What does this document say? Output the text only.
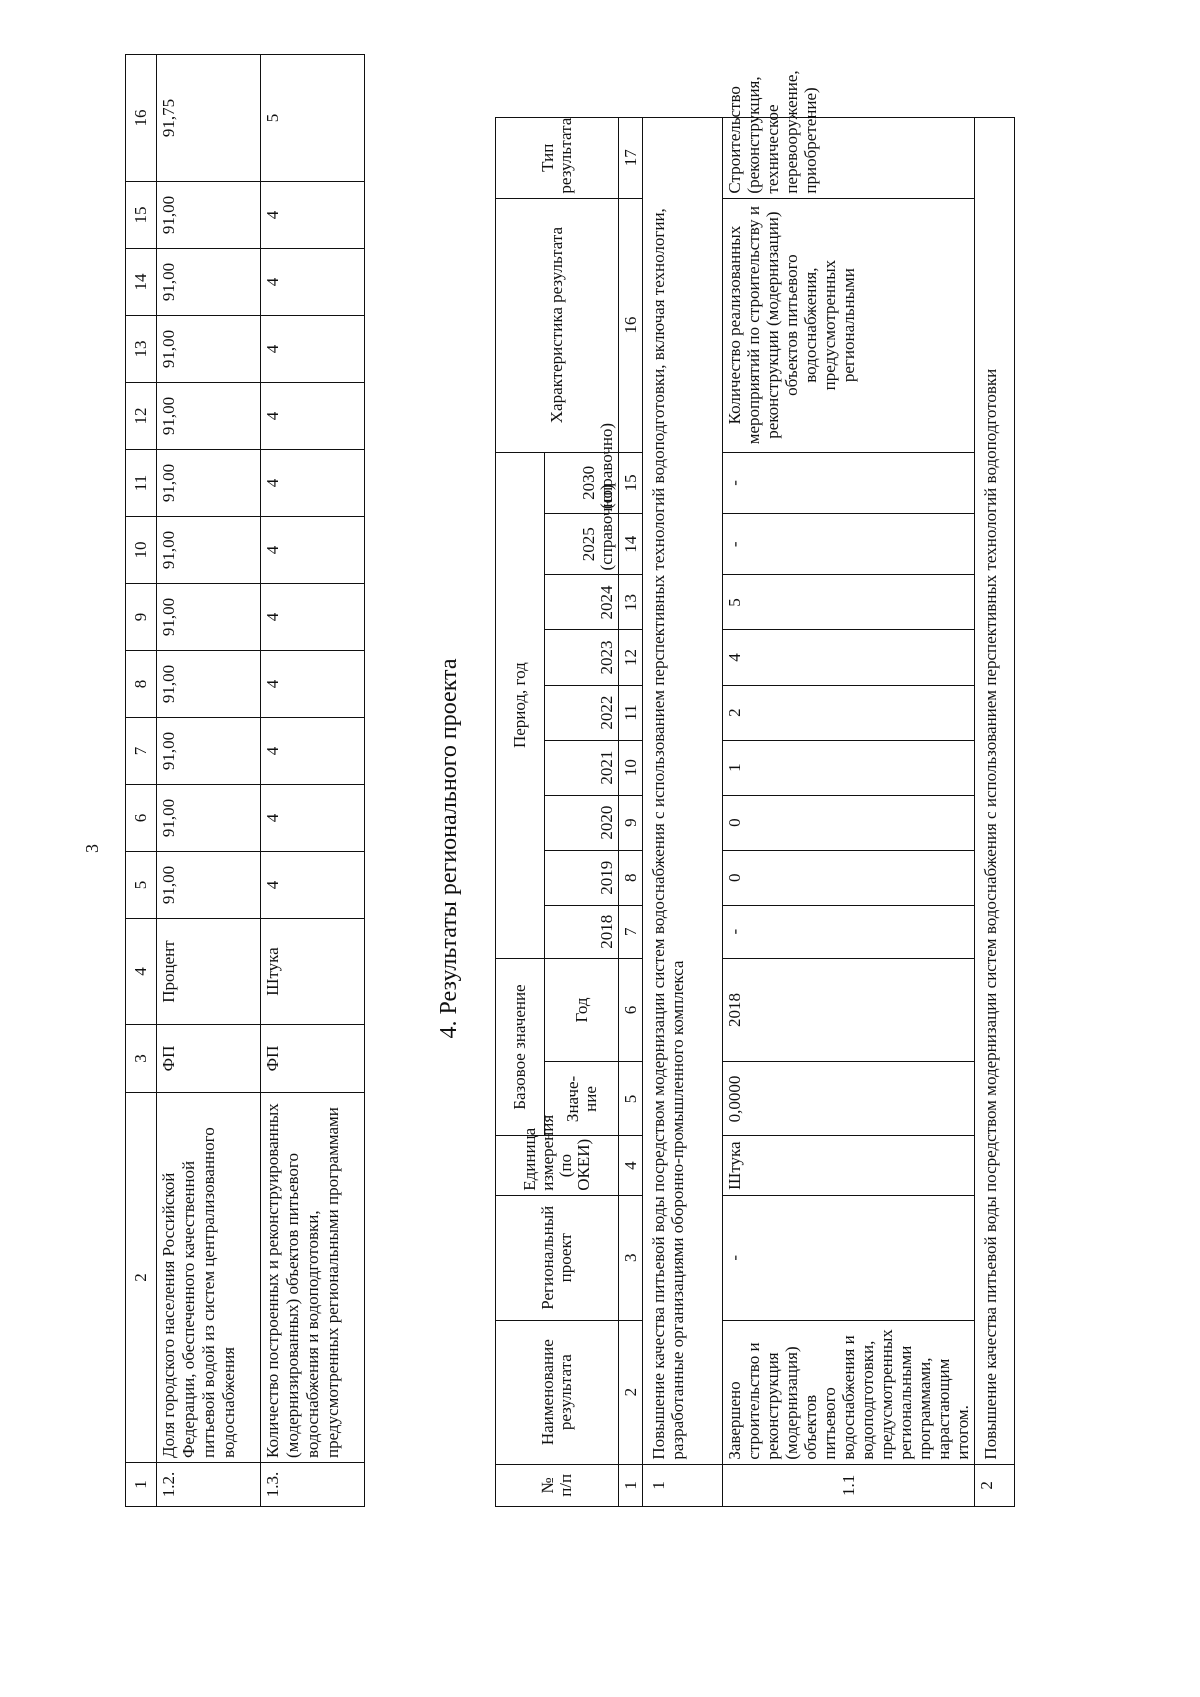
3
1	2	3	4	5	6	7	8	9	10	11	12	13	14	15	16
1.2.	Доля городского населения Российской Федерации, обеспеченного качественной питьевой водой из систем централизованного водоснабжения	ФП	Процент	91,00	91,00	91,00	91,00	91,00	91,00	91,00	91,00	91,00	91,00	91,00	91,75
1.3.	Количество построенных и реконструированных (модернизированных) объектов питьевого водоснабжения и водоподготовки, предусмотренных региональными программами	ФП	Штука	4	4	4	4	4	4	4	4	4	4	4	5
4. Результаты регионального проекта
№ п/п	Наименование результата	Региональный проект	Единица измерения (по ОКЕИ)	Базовое значение		Период, год									Характеристика результата	Тип результата
				Значе-ние	Год	2018	2019	2020	2021	2022	2023	2024	2025 (справочно)	2030 (справочно)		
1	2	3	4	5	6	7	8	9	10	11	12	13	14	15	16	17
1	Повышение качества питьевой воды посредством модернизации систем водоснабжения с использованием перспективных технологий водоподготовки, включая технологии, разработанные организациями оборонно-промышленного комплекса															
1.1	Завершено строительство и реконструкция (модернизация) объектов питьевого водоснабжения и водоподготовки, предусмотренных региональными программами, нарастающим итогом.	-	Штука	0,0000	2018	-	0	0	1	2	4	5	-	-	Количество реализованных мероприятий по строительству и реконструкции (модернизации) объектов питьевого водоснабжения, предусмотренных региональными	Строительство (реконструкция, техническое перевооружение, приобретение)
2	Повышение качества питьевой воды посредством модернизации систем водоснабжения с использованием перспективных технологий водоподготовки															
